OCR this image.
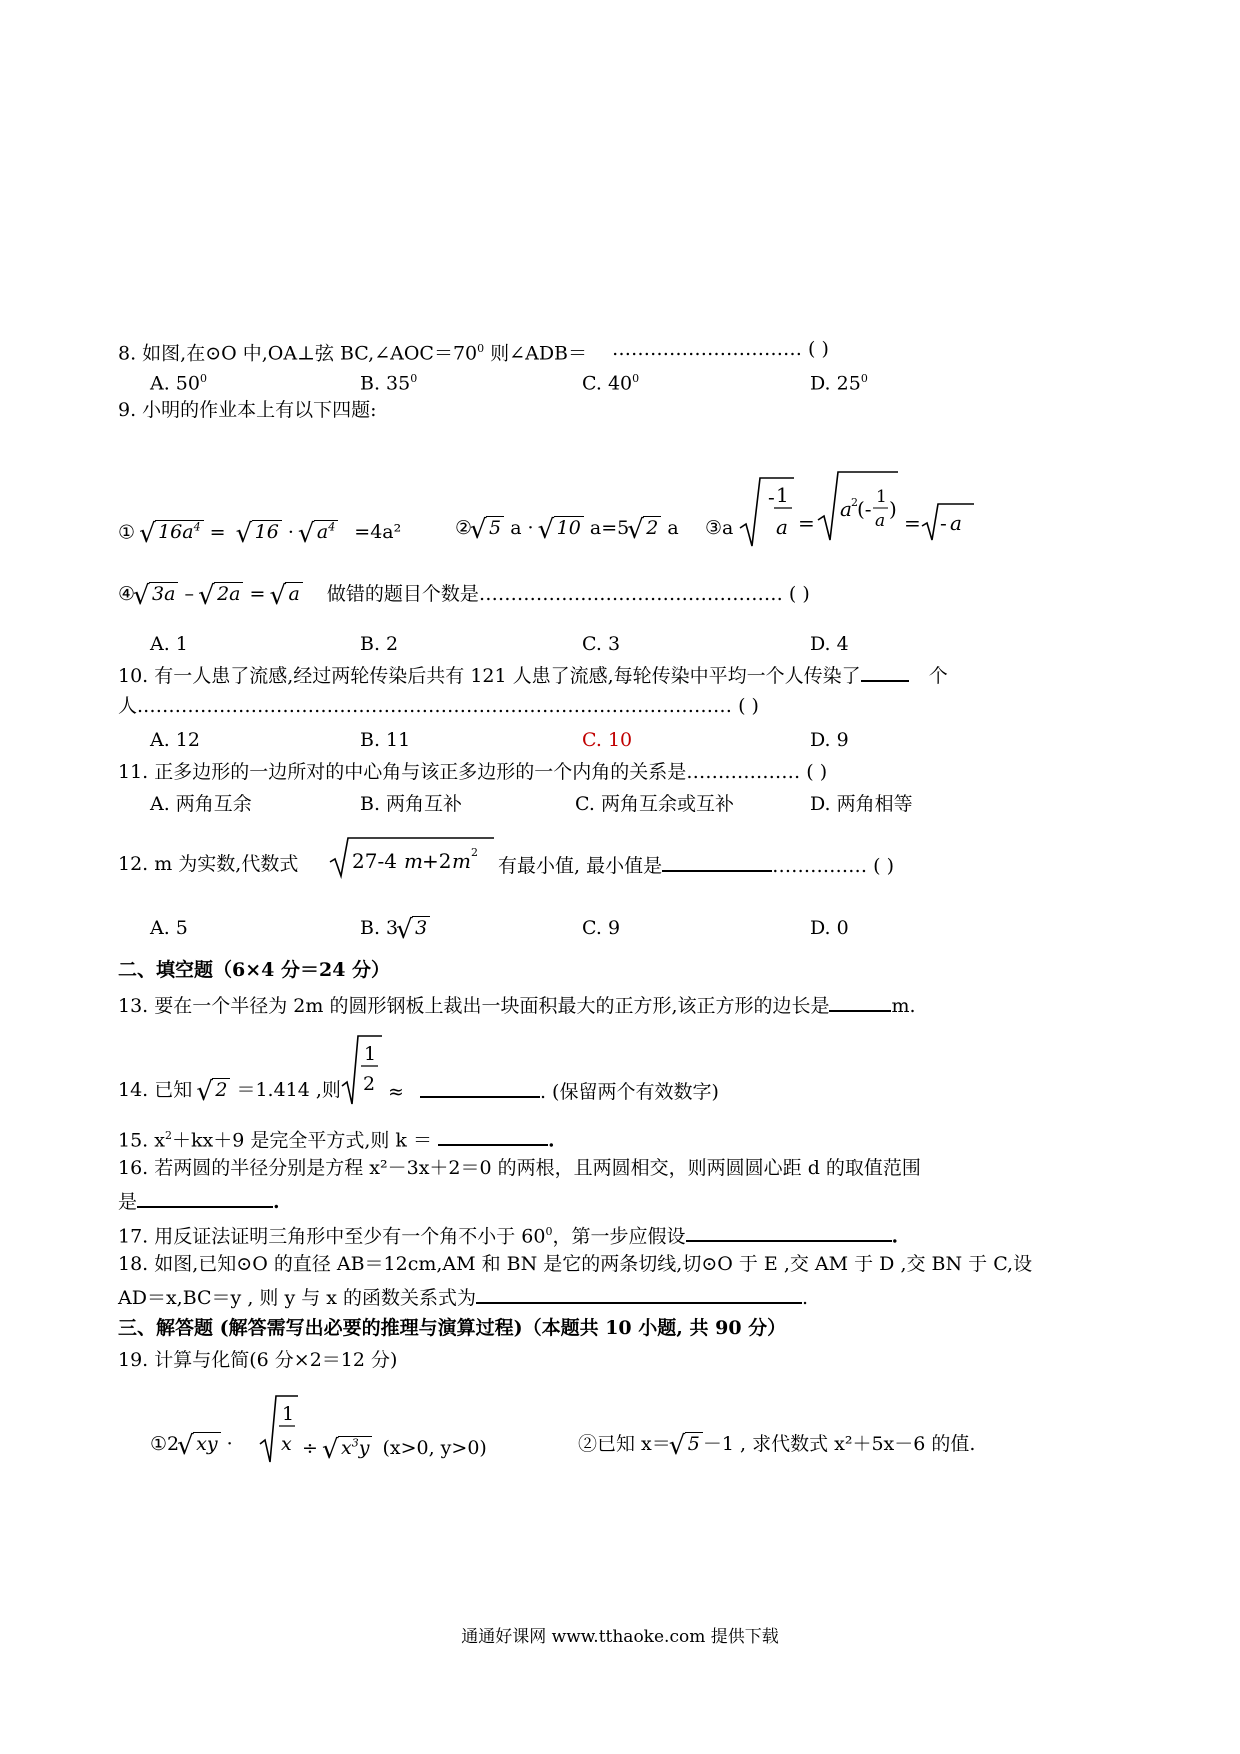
8. 如图,在⊙O 中,OA⊥弦 $BC,\angle AOC=70^0$ 则∠ADB＝ ………………………… ( )
A. $50^0$	B. $35^0$	C. $40^0$	D. $25^0$
9. 小明的作业本上有以下四题:
① √ $16a^4$ = √ 16 · √ $a^4 =4a^2$	② √ 5 a · √ 10 a=5 √ 2 a ③a
- 1
a =
a 2 (- 1
a )
= - a
④ √ 3a – √ 2a = √ a 做错的题目个数是………………………………………… ( )
A. 1	B. 2	C. 3	D. 4
10. 有一人患了流感,经过两轮传染后共有 121 人患了流感,每轮传染中平均一个人传染了	个
人.………………………………………………………………………………… ( )
A. 12	B. 11	C. 10	D. 9
11. 正多边形的一边所对的中心角与该正多边形的一个内角的关系是……………… ( )
A. 两角互余	B. 两角互补	C. 两角互余或互补	D. 两角相等
12. m 为实数,代数式	27-4 m +2 m 2
有最小值, 最小值是	…………… ( )
A. 5	B. 3 √ 3	C. 9	D. 0
二、填空题（6×4 分＝24 分）
13. 要在一个半径为 2m 的圆形钢板上裁出一块面积最大的正方形,该正方形的边长是	m.
14. 已知 √ 2 ＝1.414 ,则
1
2 ≈	. (保留两个有效数字)
15. $x^2+kx+9$ 是完全平方式,则 k ＝	.
16. 若两圆的半径分别是方程 x²－3x＋2＝0 的两根，且两圆相交，则两圆圆心距 d 的取值范围
是	.
17. 用反证法证明三角形中至少有一个角不小于 $60^0$，第一步应假设	.
18. 如图,已知⊙O 的直径 AB＝12cm,AM 和 BN 是它的两条切线,切⊙O 于 E ,交 AM 于 D ,交 BN 于 C,设
AD＝x,BC＝y , 则 y 与 x 的函数关系式为	.
三、解答题 (解答需写出必要的推理与演算过程)（本题共 10 小题, 共 90 分）
19. 计算与化简(6 分×2＝12 分)
①2 √ xy ·
1
x ÷ √ $x^3y$ (x>0, y>0)	②已知 x＝ √ 5 －1 , 求代数式 x²＋5x－6 的值.
通通好课网 www.tthaoke.com 提供下载
